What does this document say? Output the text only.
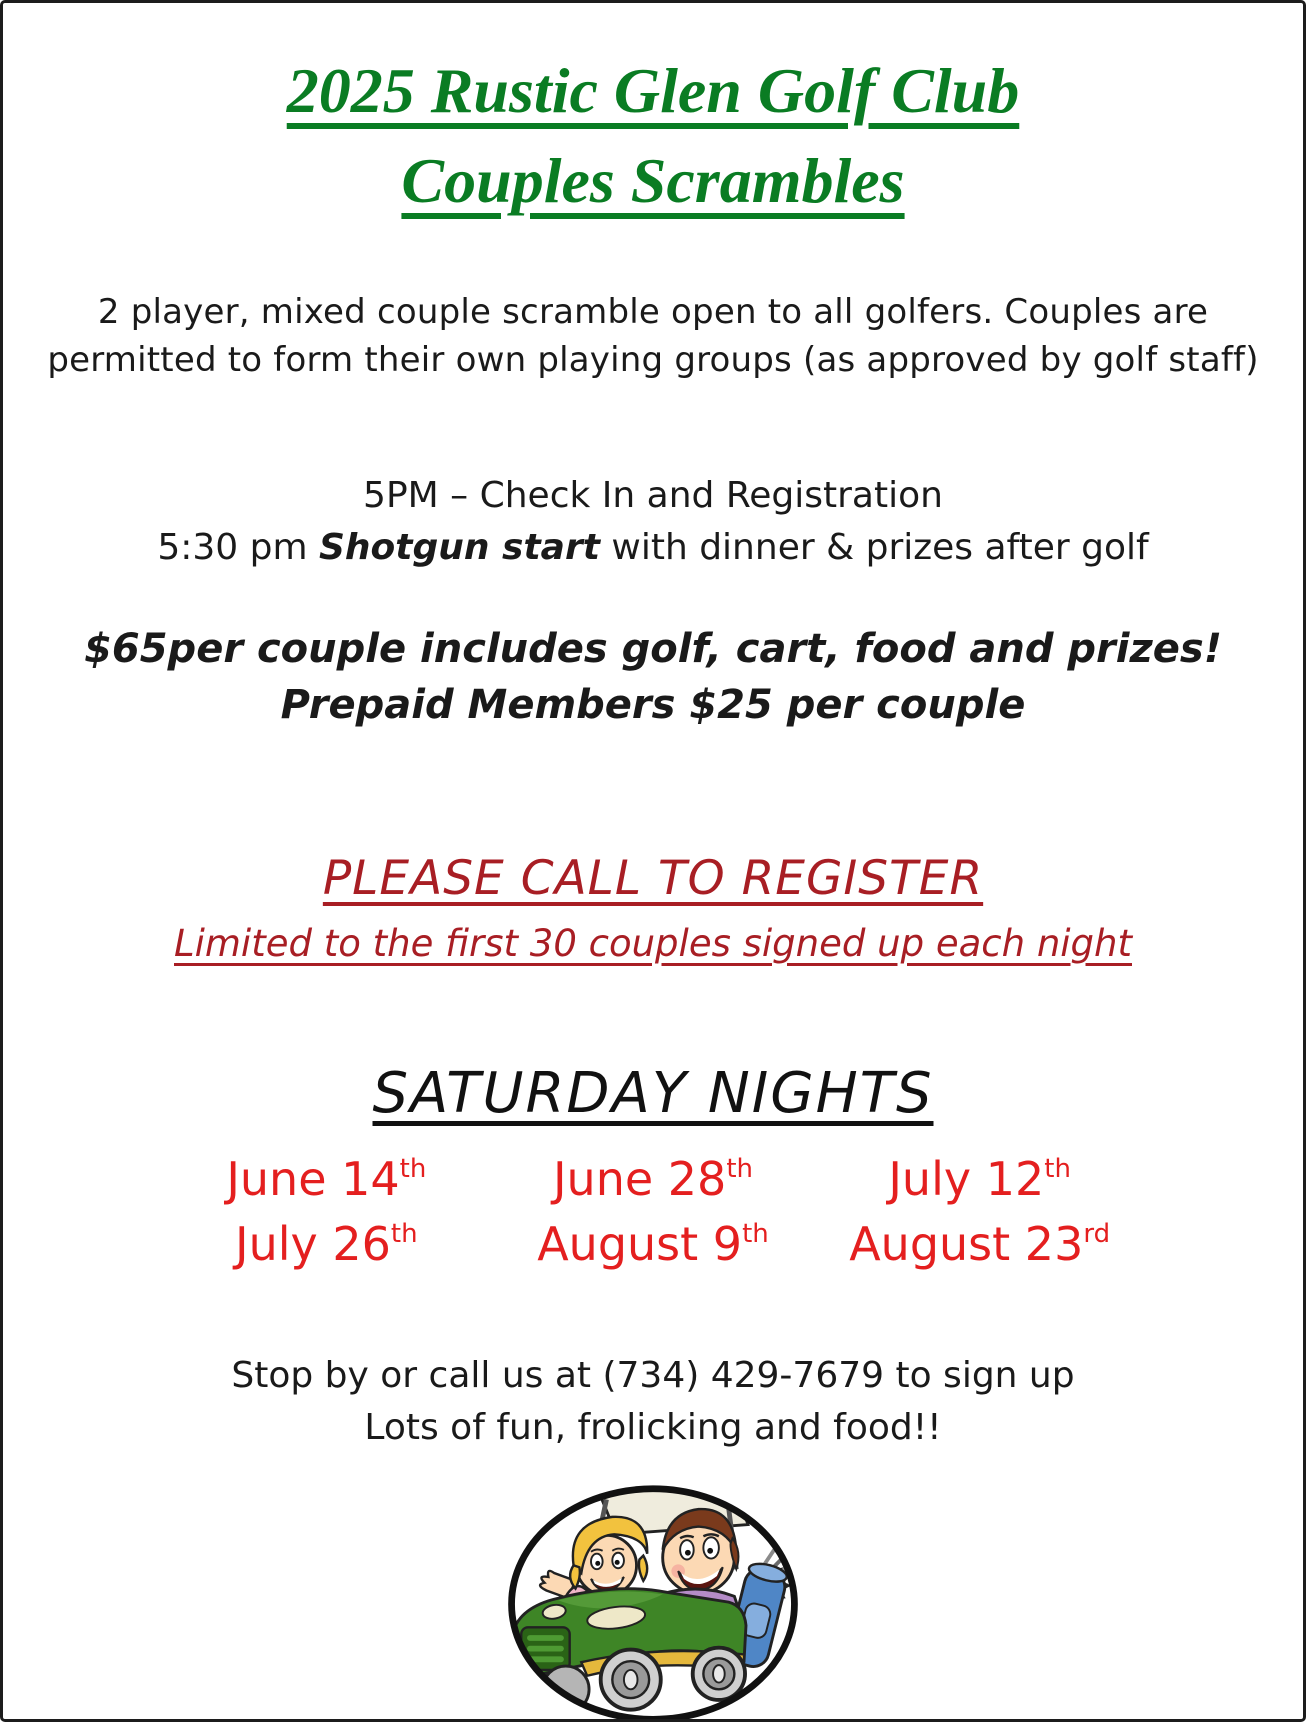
2025 Rustic Glen Golf Club
Couples Scrambles
2 player, mixed couple scramble open to all golfers. Couples are
permitted to form their own playing groups (as approved by golf staff)
5PM – Check In and Registration
5:30 pm Shotgun start with dinner & prizes after golf
$65per couple includes golf, cart, food and prizes!
Prepaid Members $25 per couple
PLEASE CALL TO REGISTER
Limited to the first 30 couples signed up each night
SATURDAY NIGHTS
June 14th	June 28th	July 12th
July 26th	August 9th	August 23rd
Stop by or call us at (734) 429-7679 to sign up
Lots of fun, frolicking and food!!
